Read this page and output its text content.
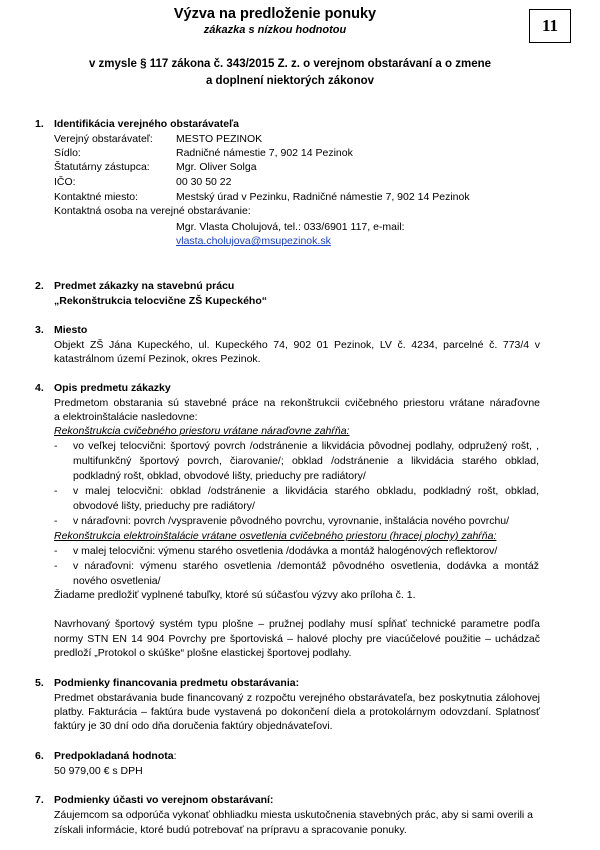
Výzva na predloženie ponuky
zákazka s nízkou hodnotou	11
v zmysle § 117 zákona č. 343/2015 Z. z. o verejnom obstarávaní a o zmene
a doplnení niektorých zákonov
1. Identifikácia verejného obstarávateľa
Verejný obstarávateľ: MESTO PEZINOK
Sídlo:	Radničné námestie 7, 902 14 Pezinok
Štatutárny zástupca:	Mgr. Oliver Solga
IČO:	00 30 50 22
Kontaktné miesto:	Mestský úrad v Pezinku, Radničné námestie 7, 902 14 Pezinok
Kontaktná osoba na verejné obstarávanie:
Mgr. Vlasta Cholujová, tel.: 033/6901 117, e-mail:
vlasta.cholujova@msupezinok.sk
2. Predmet zákazky na stavebnú prácu
„Rekonštrukcia telocvične ZŠ Kupeckého“
3. Miesto
Objekt ZŠ Jána Kupeckého, ul. Kupeckého 74, 902 01 Pezinok, LV č. 4234, parcelné č. 773/4 v
katastrálnom území Pezinok, okres Pezinok.
4. Opis predmetu zákazky
Predmetom obstarania sú stavebné práce na rekonštrukcii cvičebného priestoru vrátane náraďovne
a elektroinštalácie nasledovne:
Rekonštrukcia cvičebného priestoru vrátane náraďovne zahŕňa:
- vo veľkej telocvični: športový povrch /odstránenie a likvidácia pôvodnej podlahy, odpružený rošt, ,
multifunkčný športový povrch, čiarovanie/; obklad /odstránenie a likvidácia starého obklad,
podkladný rošt, obklad, obvodové lišty, prieduchy pre radiátory/
- v malej telocvični: obklad /odstránenie a likvidácia starého obkladu, podkladný rošt, obklad,
obvodové lišty, prieduchy pre radiátory/
- v náraďovni: povrch /vyspravenie pôvodného povrchu, vyrovnanie, inštalácia nového povrchu/
Rekonštrukcia elektroinštalácie vrátane osvetlenia cvičebného priestoru (hracej plochy) zahŕňa:
- v malej telocvični: výmenu starého osvetlenia /dodávka a montáž halogénových reflektorov/
- v náraďovni: výmenu starého osvetlenia /demontáž pôvodného osvetlenia, dodávka a montáž
nového osvetlenia/
Žiadame predložiť vyplnené tabuľky, ktoré sú súčasťou výzvy ako príloha č. 1.
Navrhovaný športový systém typu plošne – pružnej podlahy musí spĺňať technické parametre podľa
normy STN EN 14 904 Povrchy pre športoviská – halové plochy pre viacúčelové použitie – uchádzač
predloží „Protokol o skúške“ plošne elastickej športovej podlahy.
5. Podmienky financovania predmetu obstarávania:
Predmet obstarávania bude financovaný z rozpočtu verejného obstarávateľa, bez poskytnutia zálohovej
platby. Fakturácia – faktúra bude vystavená po dokončení diela a protokolárnym odovzdaní. Splatnosť
faktúry je 30 dní odo dňa doručenia faktúry objednávateľovi.
6. Predpokladaná hodnota:
50 979,00 € s DPH
7. Podmienky účasti vo verejnom obstarávaní:
Záujemcom sa odporúča vykonať obhliadku miesta uskutočnenia stavebných prác, aby si sami overili a
získali informácie, ktoré budú potrebovať na prípravu a spracovanie ponuky.
